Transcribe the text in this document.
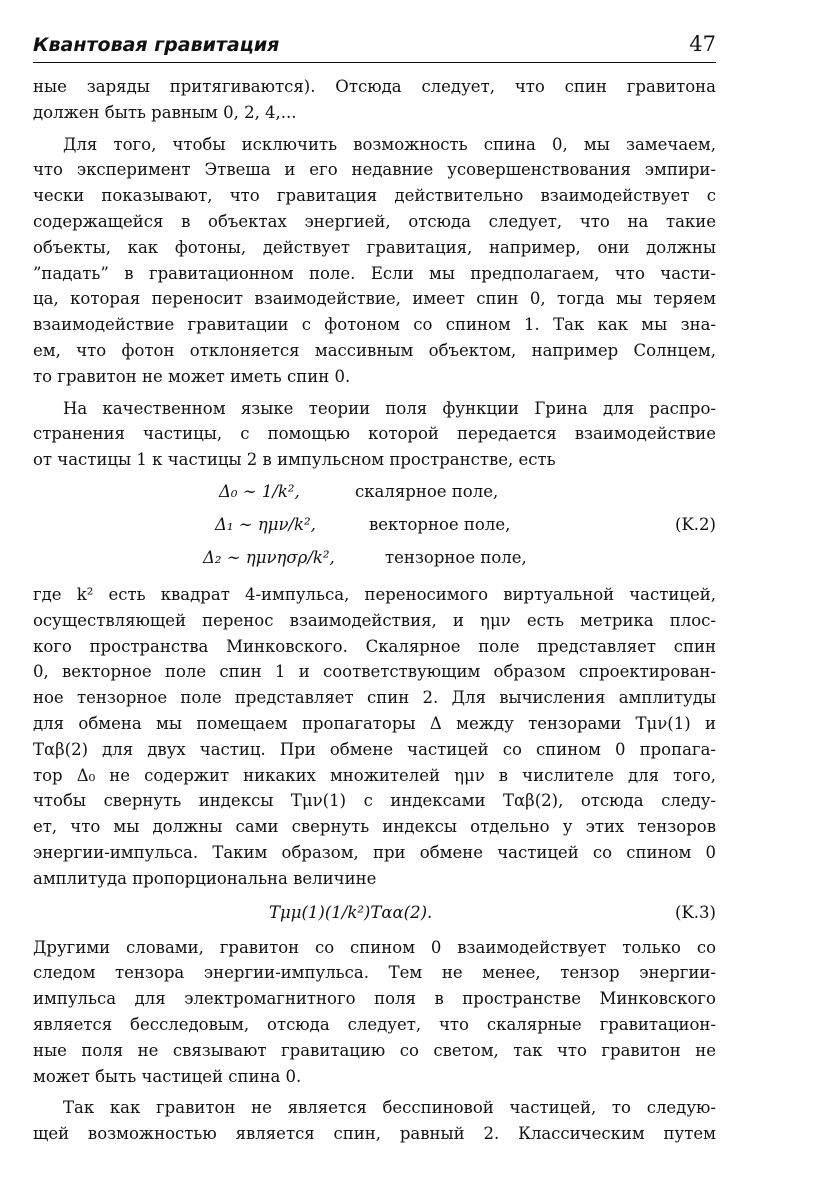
Квантовая гравитация	47
ные заряды притягиваются). Отсюда следует, что спин гравитона
должен быть равным 0, 2, 4,...
Для того, чтобы исключить возможность спина 0, мы замечаем,
что эксперимент Этвеша и его недавние усовершенствования эмпири-
чески показывают, что гравитация действительно взаимодействует с
содержащейся в объектах энергией, отсюда следует, что на такие
объекты, как фотоны, действует гравитация, например, они должны
”падать” в гравитационном поле. Если мы предполагаем, что части-
ца, которая переносит взаимодействие, имеет спин 0, тогда мы теряем
взаимодействие гравитации с фотоном со спином 1. Так как мы зна-
ем, что фотон отклоняется массивным объектом, например Солнцем,
то гравитон не может иметь спин 0.
На качественном языке теории поля функции Грина для распро-
странения частицы, с помощью которой передается взаимодействие
от частицы 1 к частицы 2 в импульсном пространстве, есть
Δ₀ ∼ 1/k²,	скалярное поле,
Δ₁ ∼ ημν/k²,	векторное поле,	(K.2)
Δ₂ ∼ ημνησρ/k²,	тензорное поле,
где k² есть квадрат 4-импульса, переносимого виртуальной частицей,
осуществляющей перенос взаимодействия, и ημν есть метрика плос-
кого пространства Минковского. Скалярное поле представляет спин
0, векторное поле спин 1 и соответствующим образом спроектирован-
ное тензорное поле представляет спин 2. Для вычисления амплитуды
для обмена мы помещаем пропагаторы Δ между тензорами Tμν(1) и
Tαβ(2) для двух частиц. При обмене частицей со спином 0 пропага-
тор Δ₀ не содержит никаких множителей ημν в числителе для того,
чтобы свернуть индексы Tμν(1) с индексами Tαβ(2), отсюда следу-
ет, что мы должны сами свернуть индексы отдельно у этих тензоров
энергии-импульса. Таким образом, при обмене частицей со спином 0
амплитуда пропорциональна величине
Tμμ(1)(1/k²)Tαα(2).	(K.3)
Другими словами, гравитон со спином 0 взаимодействует только со
следом тензора энергии-импульса. Тем не менее, тензор энергии-
импульса для электромагнитного поля в пространстве Минковского
является бесследовым, отсюда следует, что скалярные гравитацион-
ные поля не связывают гравитацию со светом, так что гравитон не
может быть частицей спина 0.
Так как гравитон не является бесспиновой частицей, то следую-
щей возможностью является спин, равный 2. Классическим путем
